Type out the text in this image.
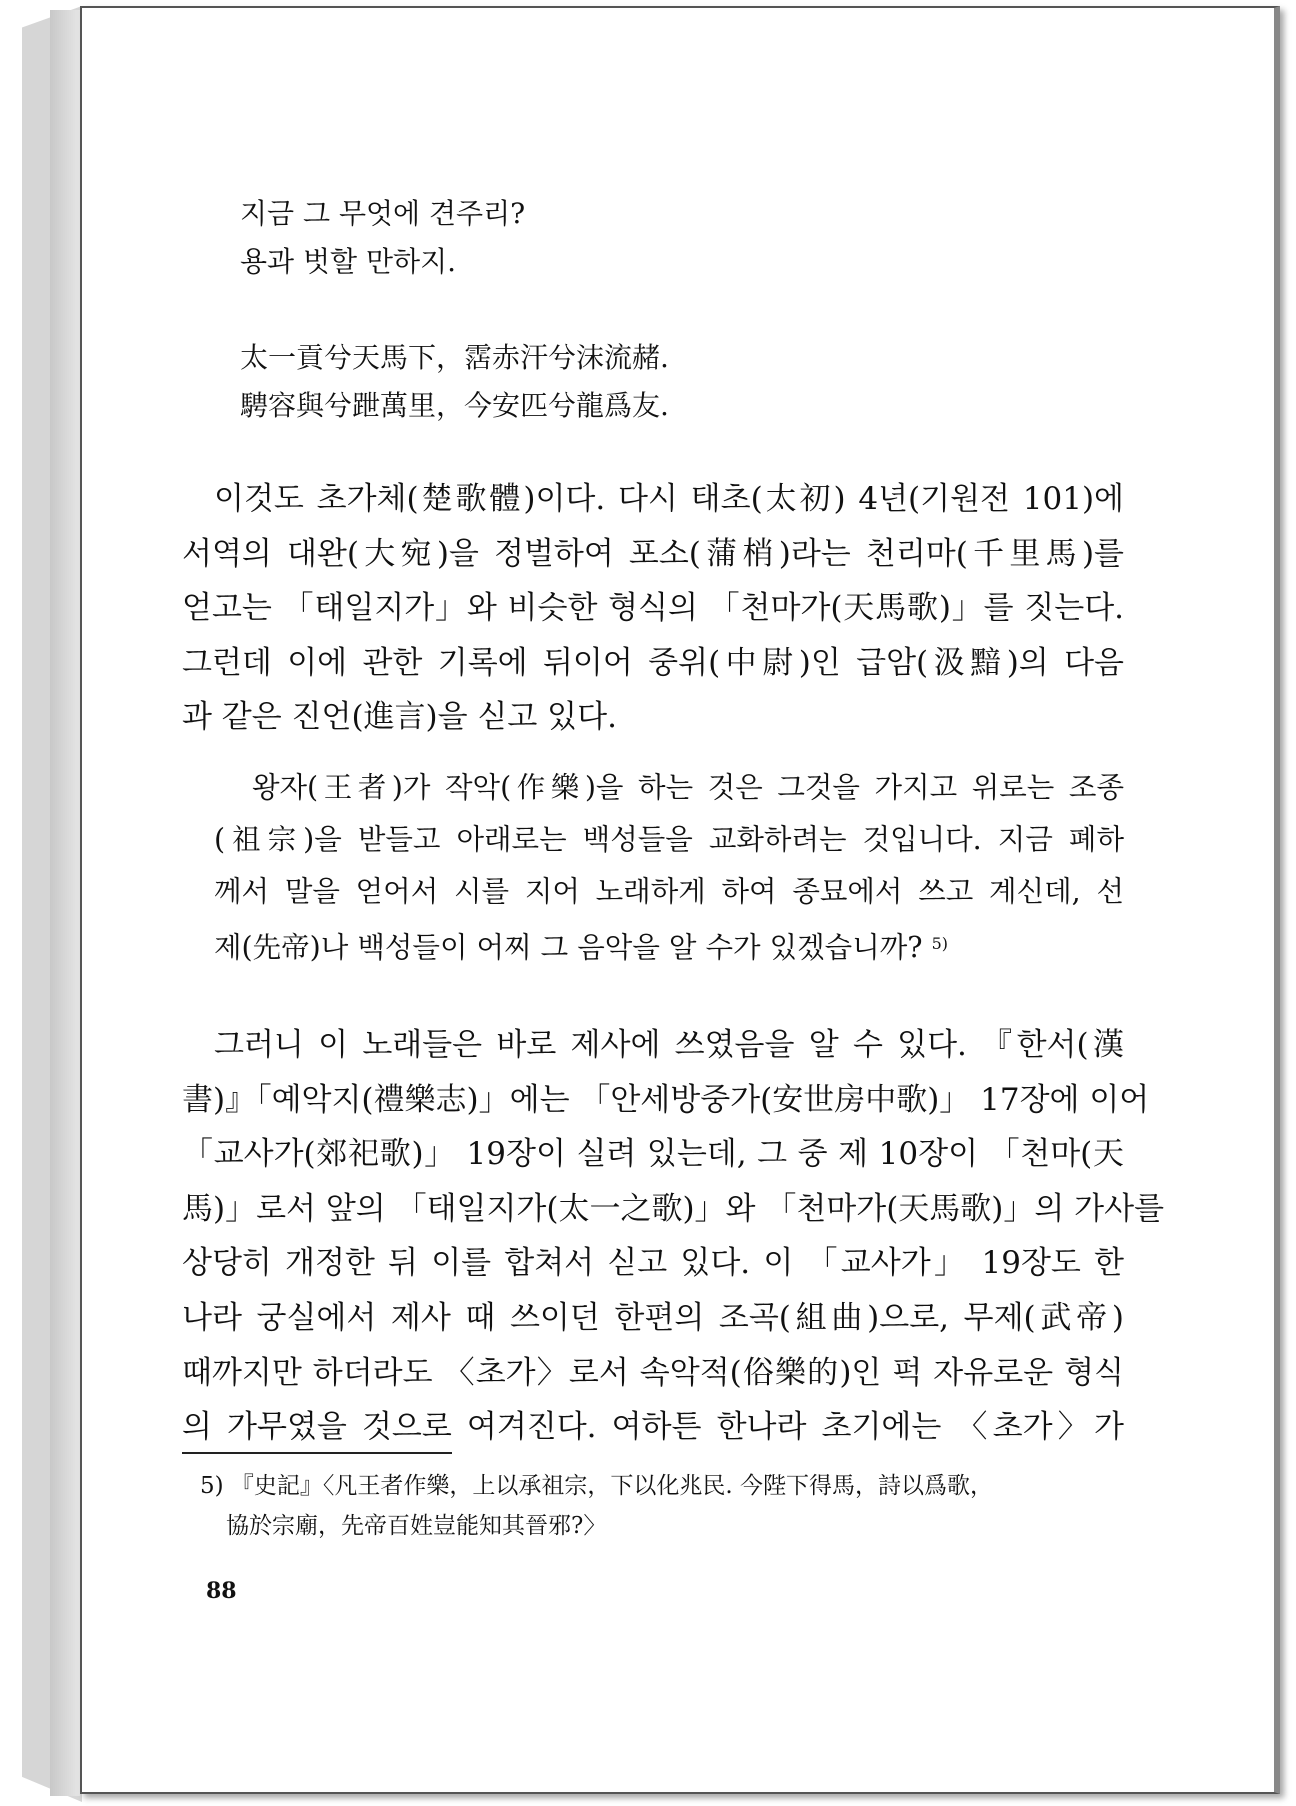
지금 그 무엇에 견주리?
용과 벗할 만하지.
太一貢兮天馬下，霑赤汗兮沫流赭.
騁容與兮跇萬里，今安匹兮龍爲友.
이것도 초가체(楚歌體)이다. 다시 태초(太初) 4년(기원전 101)에
서역의 대완(大宛)을 정벌하여 포소(蒲梢)라는 천리마(千里馬)를
얻고는 「태일지가」와 비슷한 형식의 「천마가(天馬歌)」를 짓는다.
그런데 이에 관한 기록에 뒤이어 중위(中尉)인 급암(汲黯)의 다음
과 같은 진언(進言)을 싣고 있다.
왕자(王者)가 작악(作樂)을 하는 것은 그것을 가지고 위로는 조종
(祖宗)을 받들고 아래로는 백성들을 교화하려는 것입니다. 지금 폐하
께서 말을 얻어서 시를 지어 노래하게 하여 종묘에서 쓰고 계신데, 선
제(先帝)나 백성들이 어찌 그 음악을 알 수가 있겠습니까? $^{5)}$
그러니 이 노래들은 바로 제사에 쓰였음을 알 수 있다. 『한서(漢
書)』「예악지(禮樂志)」에는 「안세방중가(安世房中歌)」 17장에 이어
「교사가(郊祀歌)」 19장이 실려 있는데, 그 중 제 10장이 「천마(天
馬)」로서 앞의 「태일지가(太一之歌)」와 「천마가(天馬歌)」의 가사를
상당히 개정한 뒤 이를 합쳐서 싣고 있다. 이 「교사가」 19장도 한
나라 궁실에서 제사 때 쓰이던 한편의 조곡(組曲)으로, 무제(武帝)
때까지만 하더라도 〈초가〉로서 속악적(俗樂的)인 퍽 자유로운 형식
의 가무였을 것으로 여겨진다. 여하튼 한나라 초기에는 〈초가〉가
5) 『史記』〈凡王者作樂，上以承祖宗，下以化兆民. 今陛下得馬，詩以爲歌，
協於宗廟，先帝百姓豈能知其晉邪?〉
88
